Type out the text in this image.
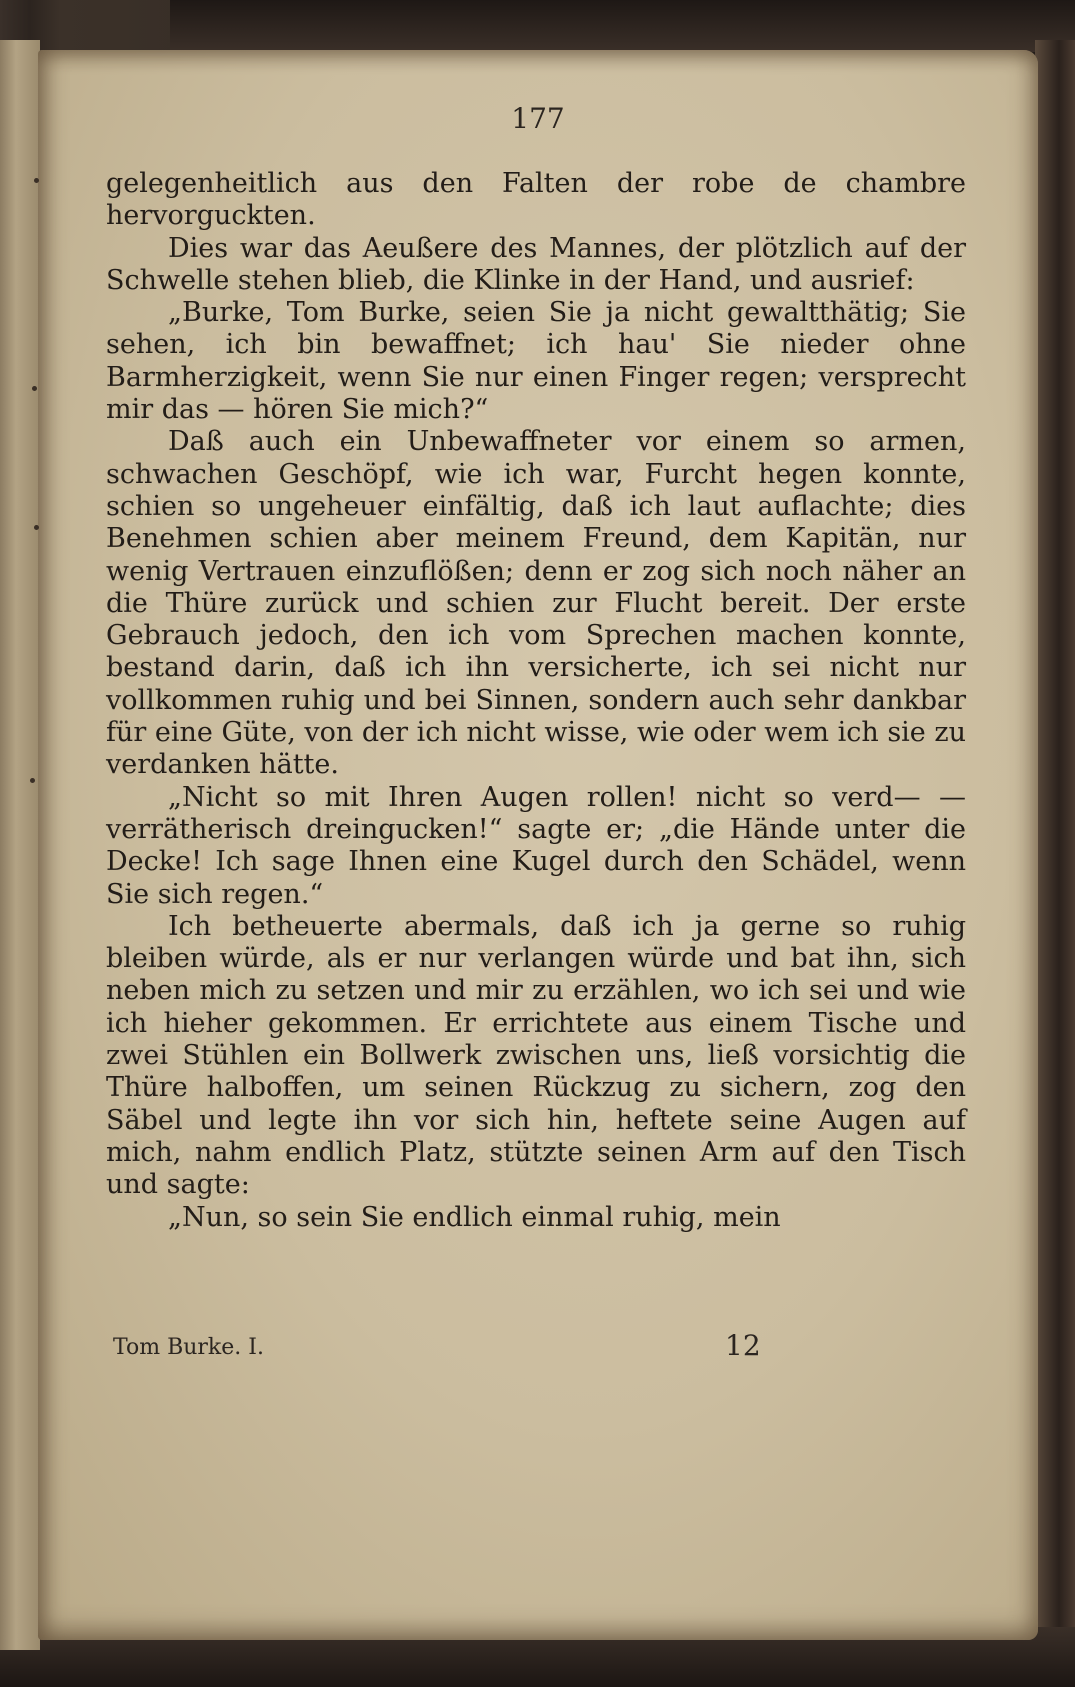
177

gelegenheitlich aus den Falten der robe de chambre hervorguckten.

Dies war das Aeußere des Mannes, der plötzlich auf der Schwelle stehen blieb, die Klinke in der Hand, und ausrief:

„Burke, Tom Burke, seien Sie ja nicht gewaltthätig; Sie sehen, ich bin bewaffnet; ich hau' Sie nieder ohne Barmherzigkeit, wenn Sie nur einen Finger regen; versprecht mir das — hören Sie mich?“

Daß auch ein Unbewaffneter vor einem so armen, schwachen Geschöpf, wie ich war, Furcht hegen konnte, schien so ungeheuer einfältig, daß ich laut auflachte; dies Benehmen schien aber meinem Freund, dem Kapitän, nur wenig Vertrauen einzuflößen; denn er zog sich noch näher an die Thüre zurück und schien zur Flucht bereit. Der erste Gebrauch jedoch, den ich vom Sprechen machen konnte, bestand darin, daß ich ihn versicherte, ich sei nicht nur vollkommen ruhig und bei Sinnen, sondern auch sehr dankbar für eine Güte, von der ich nicht wisse, wie oder wem ich sie zu verdanken hätte.

„Nicht so mit Ihren Augen rollen! nicht so verd— — verrätherisch dreingucken!“ sagte er; „die Hände unter die Decke! Ich sage Ihnen eine Kugel durch den Schädel, wenn Sie sich regen.“

Ich betheuerte abermals, daß ich ja gerne so ruhig bleiben würde, als er nur verlangen würde und bat ihn, sich neben mich zu setzen und mir zu erzählen, wo ich sei und wie ich hieher gekommen. Er errichtete aus einem Tische und zwei Stühlen ein Bollwerk zwischen uns, ließ vorsichtig die Thüre halboffen, um seinen Rückzug zu sichern, zog den Säbel und legte ihn vor sich hin, heftete seine Augen auf mich, nahm endlich Platz, stützte seinen Arm auf den Tisch und sagte:

„Nun, so sein Sie endlich einmal ruhig, mein

Tom Burke. I.	12
